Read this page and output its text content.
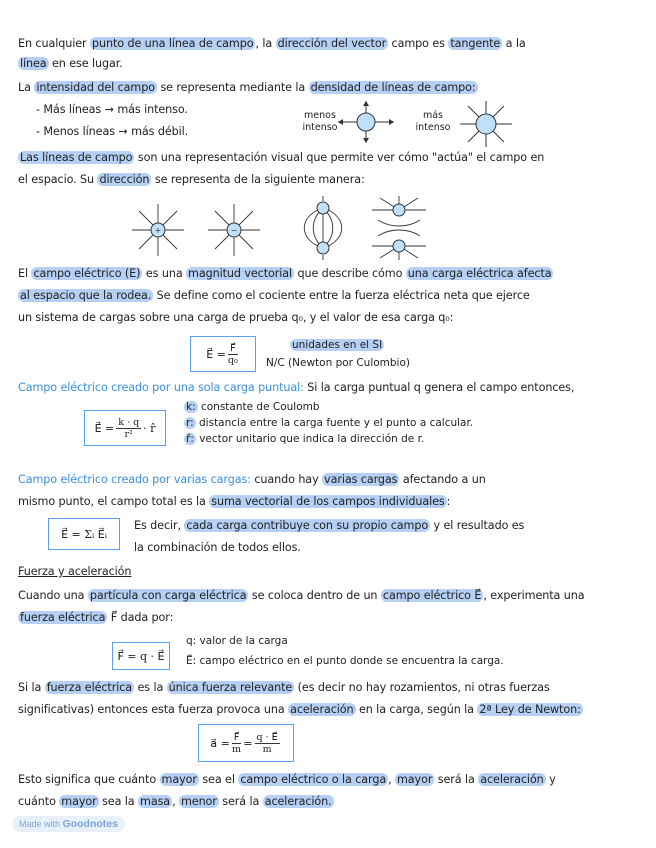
En cualquier punto de una línea de campo , la dirección del vector campo es tangente a la
línea en ese lugar.
La intensidad del campo se representa mediante la densidad de líneas de campo:
- Más líneas → más intenso.
- Menos líneas → más débil.
menos intenso
más intenso
Las líneas de campo son una representación visual que permite ver cómo "actúa" el campo en
el espacio. Su dirección se representa de la siguiente manera:
+	−
El campo eléctrico (E) es una magnitud vectorial que describe cómo una carga eléctrica afecta
al espacio que la rodea. Se define como el cociente entre la fuerza eléctrica neta que ejerce
un sistema de cargas sobre una carga de prueba q₀, y el valor de esa carga q₀:
E⃗ = $\frac{F⃗}{\text{q₀}}$	unidades en el SI
N/C (Newton por Culombio)
Campo eléctrico creado por una sola carga puntual: Si la carga puntual q genera el campo entonces,
E⃗ = $\frac{k \cdot q}{\text{r²}}$ · r̂
k: constante de Coulomb
r: distancia entre la carga fuente y el punto a calcular.
r̂: vector unitario que indica la dirección de r.
Campo eléctrico creado por varias cargas: cuando hay varias cargas afectando a un
mismo punto, el campo total es la suma vectorial de los campos individuales :
E⃗ = Σᵢ E⃗ᵢ
Es decir, cada carga contribuye con su propio campo y el resultado es
la combinación de todos ellos.
Fuerza y aceleración
Cuando una partícula con carga eléctrica se coloca dentro de un campo eléctrico E⃗ , experimenta una
fuerza eléctrica F⃗ dada por:
F⃗ = q · E⃗
q: valor de la carga
E⃗: campo eléctrico en el punto donde se encuentra la carga.
Si la fuerza eléctrica es la única fuerza relevante (es decir no hay rozamientos, ni otras fuerzas
significativas) entonces esta fuerza provoca una aceleración en la carga, según la 2ª Ley de Newton:
a⃗ = $\frac{F⃗}{m} = \frac{q \cdot E⃗}{m}$
Esto significa que cuánto mayor sea el campo eléctrico o la carga , mayor será la aceleración y
cuánto mayor sea la masa , menor será la aceleración.
Made with Goodnotes
